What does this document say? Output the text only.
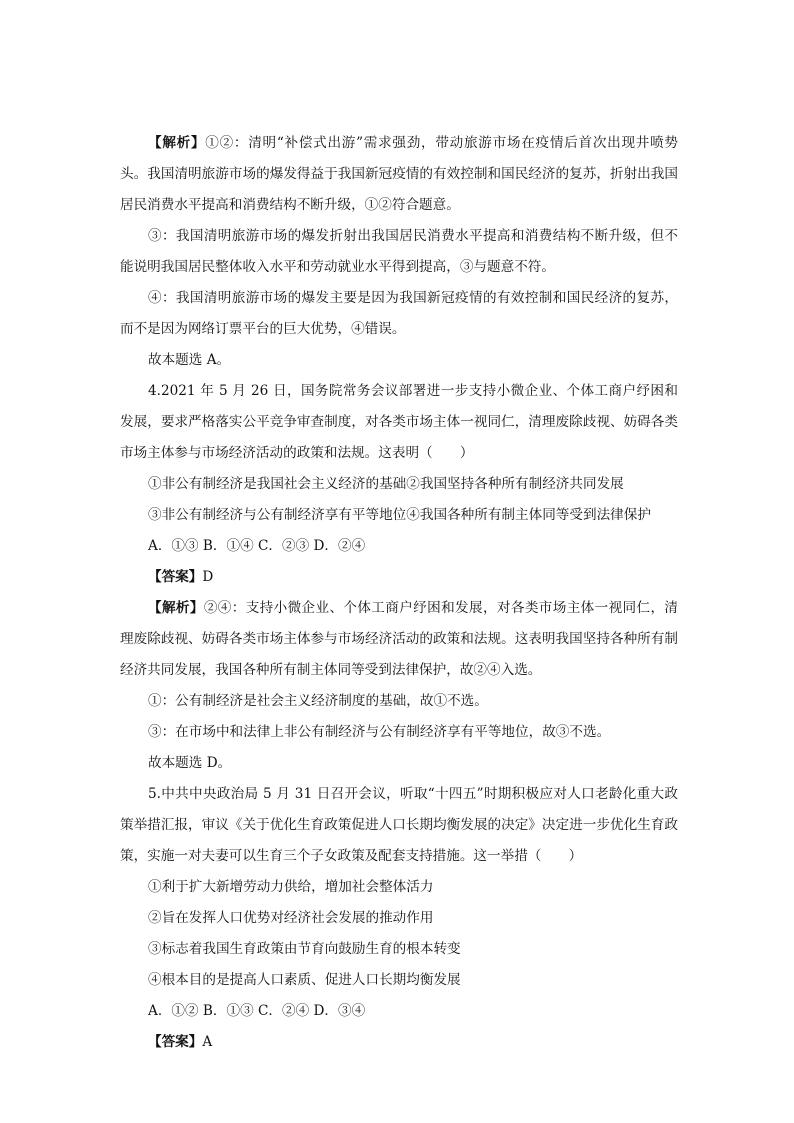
【解析】①②：清明“补偿式出游”需求强劲，带动旅游市场在疫情后首次出现井喷势头。我国清明旅游市场的爆发得益于我国新冠疫情的有效控制和国民经济的复苏，折射出我国居民消费水平提高和消费结构不断升级，①②符合题意。

③：我国清明旅游市场的爆发折射出我国居民消费水平提高和消费结构不断升级，但不能说明我国居民整体收入水平和劳动就业水平得到提高，③与题意不符。

④：我国清明旅游市场的爆发主要是因为我国新冠疫情的有效控制和国民经济的复苏，而不是因为网络订票平台的巨大优势，④错误。

故本题选 A。

4.2021 年 5 月 26 日，国务院常务会议部署进一步支持小微企业、个体工商户纾困和发展，要求严格落实公平竞争审查制度，对各类市场主体一视同仁，清理废除歧视、妨碍各类市场主体参与市场经济活动的政策和法规。这表明（　　）

①非公有制经济是我国社会主义经济的基础②我国坚持各种所有制经济共同发展

③非公有制经济与公有制经济享有平等地位④我国各种所有制主体同等受到法律保护

A．①③ B．①④ C．②③ D．②④

【答案】D

【解析】②④：支持小微企业、个体工商户纾困和发展，对各类市场主体一视同仁，清理废除歧视、妨碍各类市场主体参与市场经济活动的政策和法规。这表明我国坚持各种所有制经济共同发展，我国各种所有制主体同等受到法律保护，故②④入选。

①：公有制经济是社会主义经济制度的基础，故①不选。

③：在市场中和法律上非公有制经济与公有制经济享有平等地位，故③不选。

故本题选 D。

5.中共中央政治局 5 月 31 日召开会议，听取“十四五”时期积极应对人口老龄化重大政策举措汇报，审议《关于优化生育政策促进人口长期均衡发展的决定》决定进一步优化生育政策，实施一对夫妻可以生育三个子女政策及配套支持措施。这一举措（　　）

①利于扩大新增劳动力供给，增加社会整体活力

②旨在发挥人口优势对经济社会发展的推动作用

③标志着我国生育政策由节育向鼓励生育的根本转变

④根本目的是提高人口素质、促进人口长期均衡发展

A．①② B．①③ C．②④ D．③④

【答案】A
